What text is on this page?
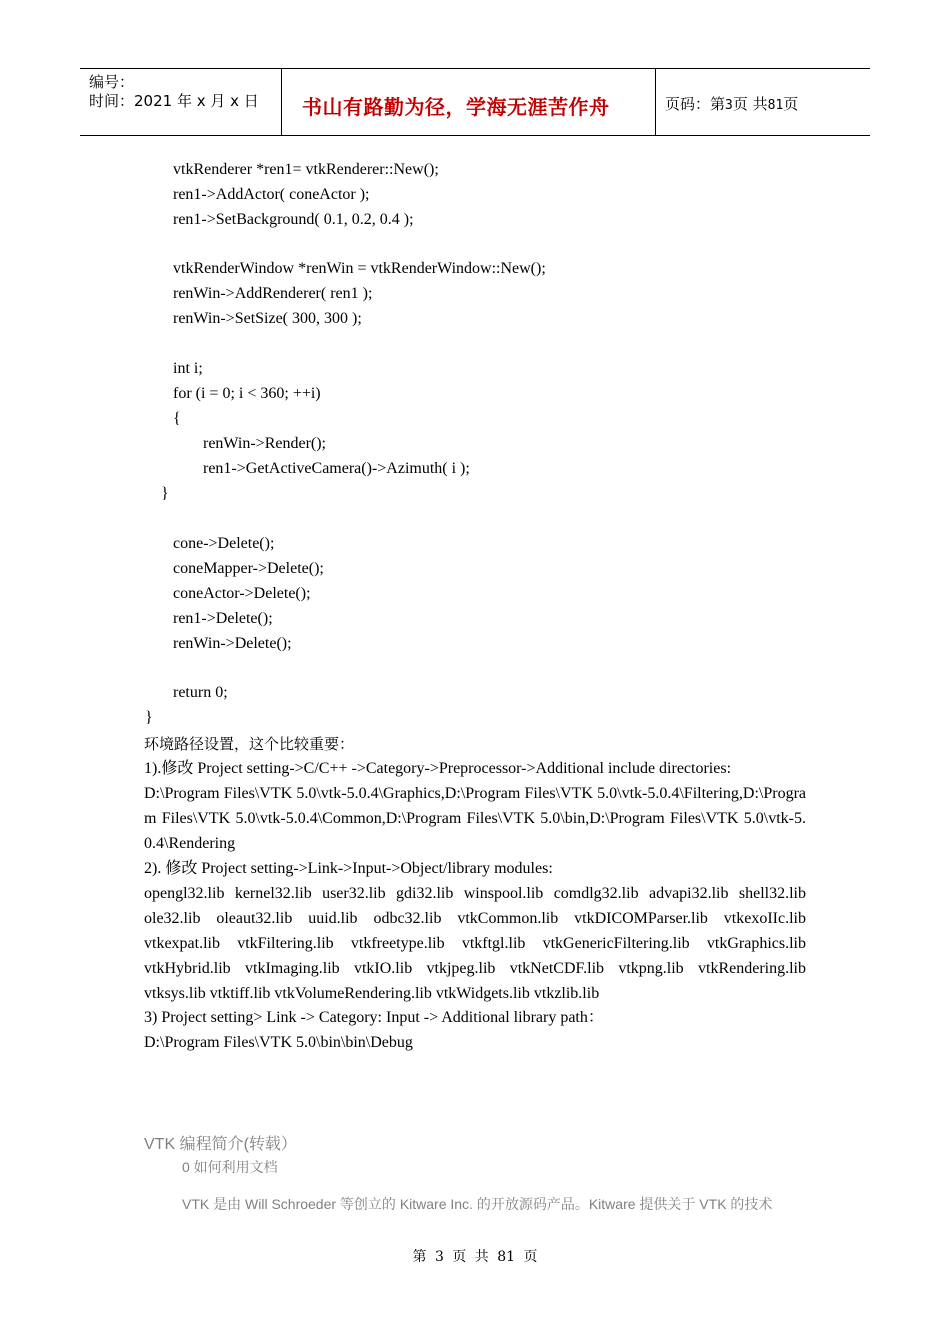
编号：
时间：2021 年 x 月 x 日 书山有路勤为径，学海无涯苦作舟	页码：第3页 共81页
vtkRenderer *ren1= vtkRenderer::New();
ren1->AddActor( coneActor );
ren1->SetBackground( 0.1, 0.2, 0.4 );
vtkRenderWindow *renWin = vtkRenderWindow::New();
renWin->AddRenderer( ren1 );
renWin->SetSize( 300, 300 );
int i;
for (i = 0; i < 360; ++i)
{
renWin->Render();
ren1->GetActiveCamera()->Azimuth( i );
}
cone->Delete();
coneMapper->Delete();
coneActor->Delete();
ren1->Delete();
renWin->Delete();
return 0;
}
环境路径设置，这个比较重要：
1).修改 Project setting->C/C++ ->Category->Preprocessor->Additional include directories:
D:\Program Files\VTK 5.0\vtk-5.0.4\Graphics,D:\Program Files\VTK 5.0\vtk-5.0.4\Filtering,D:\Program Files\VTK 5.0\vtk-5.0.4\Common,D:\Program Files\VTK 5.0\bin,D:\Program Files\VTK 5.0\vtk-5.0.4\Rendering
2). 修改 Project setting->Link->Input->Object/library modules:
opengl32.lib kernel32.lib user32.lib gdi32.lib winspool.lib comdlg32.lib advapi32.lib shell32.lib ole32.lib oleaut32.lib uuid.lib odbc32.lib vtkCommon.lib vtkDICOMParser.lib vtkexoIIc.lib vtkexpat.lib vtkFiltering.lib vtkfreetype.lib vtkftgl.lib vtkGenericFiltering.lib vtkGraphics.lib vtkHybrid.lib vtkImaging.lib vtkIO.lib vtkjpeg.lib vtkNetCDF.lib vtkpng.lib vtkRendering.lib vtksys.lib vtktiff.lib vtkVolumeRendering.lib vtkWidgets.lib vtkzlib.lib
3) Project setting> Link -> Category: Input -> Additional library path：
D:\Program Files\VTK 5.0\bin\bin\Debug
VTK 编程简介(转载）
0 如何利用文档
VTK 是由 Will Schroeder 等创立的 Kitware Inc. 的开放源码产品。Kitware 提供关于 VTK 的技术
第 3 页 共 81 页
